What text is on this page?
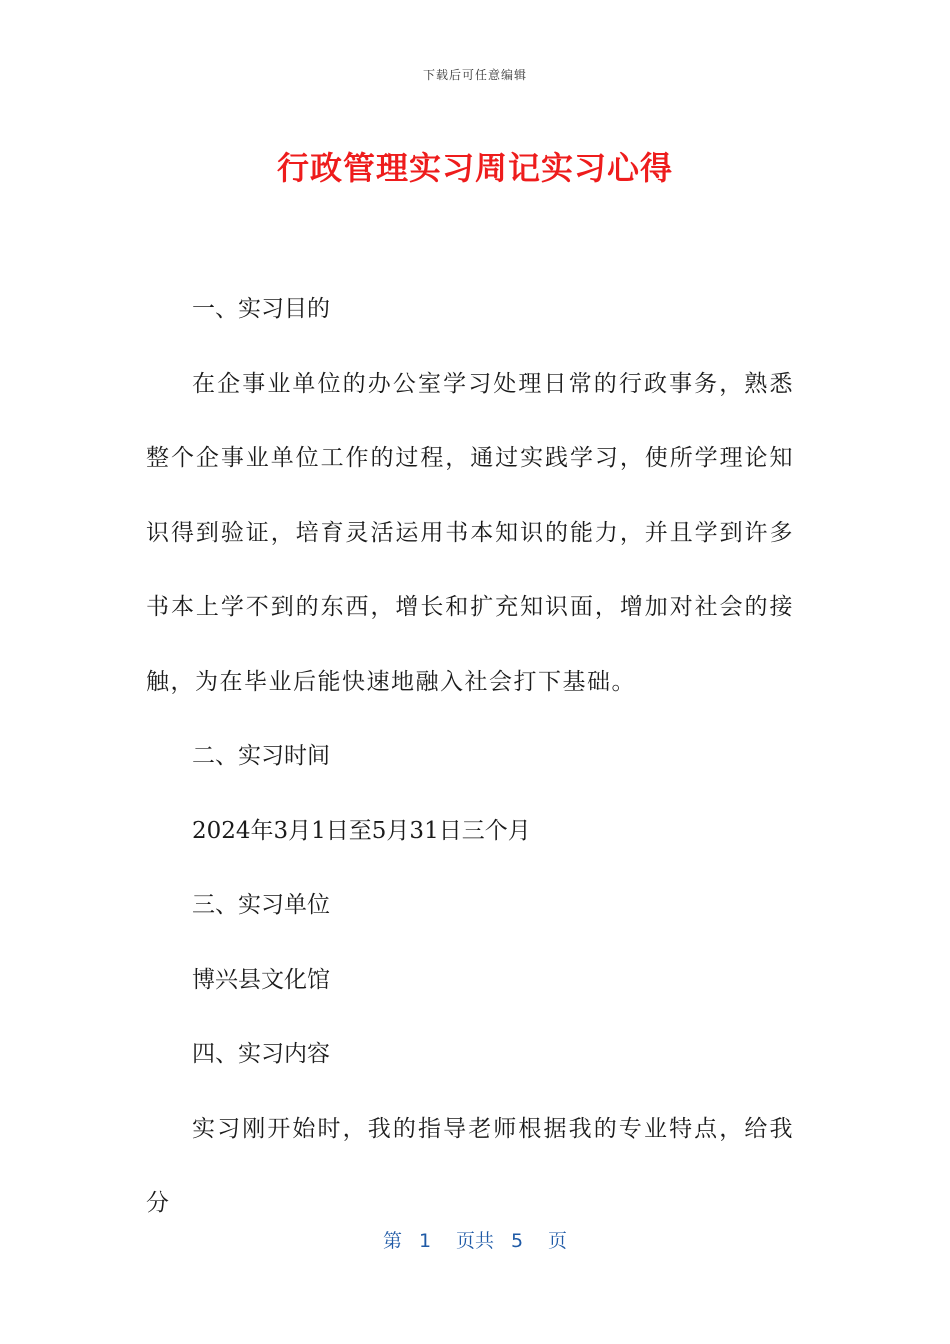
下载后可任意编辑
行政管理实习周记实习心得

一、实习目的

在企事业单位的办公室学习处理日常的行政事务，熟悉整个企事业单位工作的过程，通过实践学习，使所学理论知识得到验证，培育灵活运用书本知识的能力，并且学到许多书本上学不到的东西，增长和扩充知识面，增加对社会的接触，为在毕业后能快速地融入社会打下基础。

二、实习时间

2024年3月1日至5月31日三个月

三、实习单位

博兴县文化馆

四、实习内容

实习刚开始时，我的指导老师根据我的专业特点，给我分

第 1 页共 5 页
